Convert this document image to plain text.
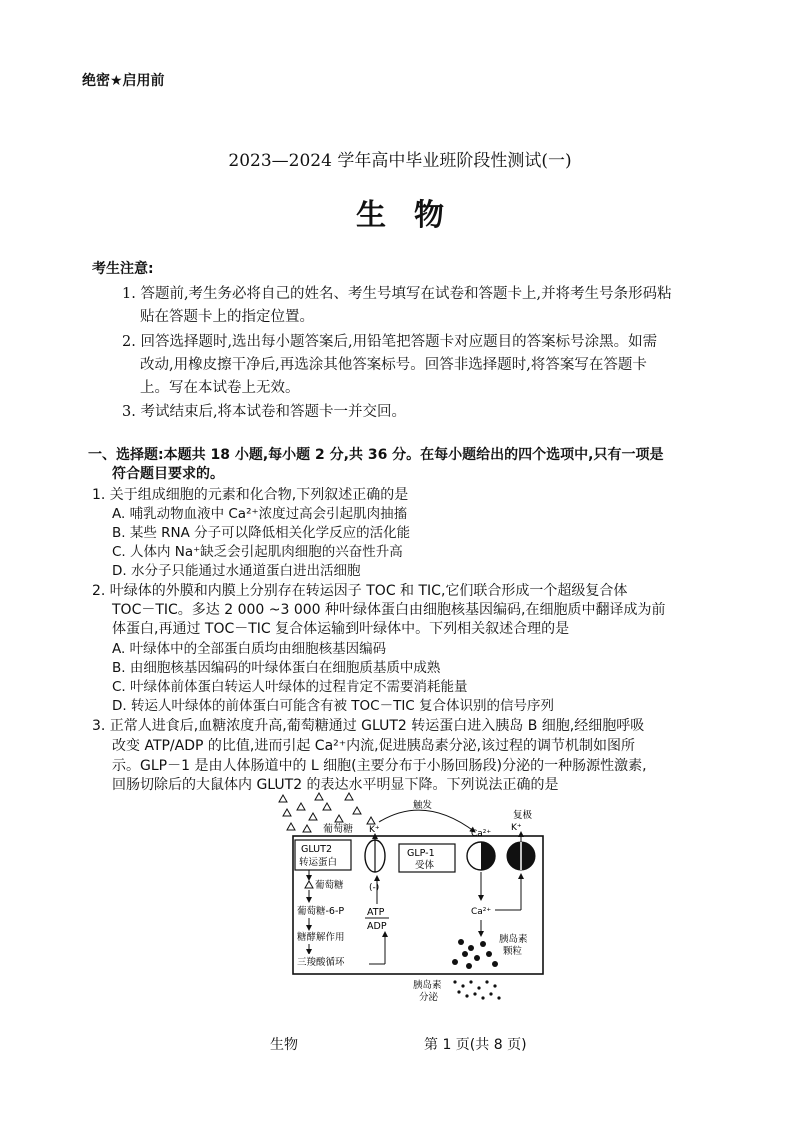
绝密★启用前
2023—2024 学年高中毕业班阶段性测试(一)
生物
考生注意:
1. 答题前,考生务必将自己的姓名、考生号填写在试卷和答题卡上,并将考生号条形码粘
贴在答题卡上的指定位置。
2. 回答选择题时,选出每小题答案后,用铅笔把答题卡对应题目的答案标号涂黑。如需
改动,用橡皮擦干净后,再选涂其他答案标号。回答非选择题时,将答案写在答题卡
上。写在本试卷上无效。
3. 考试结束后,将本试卷和答题卡一并交回。
一、选择题:本题共 18 小题,每小题 2 分,共 36 分。在每小题给出的四个选项中,只有一项是
符合题目要求的。
1. 关于组成细胞的元素和化合物,下列叙述正确的是
A. 哺乳动物血液中 Ca²⁺浓度过高会引起肌肉抽搐
B. 某些 RNA 分子可以降低相关化学反应的活化能
C. 人体内 Na⁺缺乏会引起肌肉细胞的兴奋性升高
D. 水分子只能通过水通道蛋白进出活细胞
2. 叶绿体的外膜和内膜上分别存在转运因子 TOC 和 TIC,它们联合形成一个超级复合体
TOC－TIC。多达 2 000 ~3 000 种叶绿体蛋白由细胞核基因编码,在细胞质中翻译成为前
体蛋白,再通过 TOC－TIC 复合体运输到叶绿体中。下列相关叙述合理的是
A. 叶绿体中的全部蛋白质均由细胞核基因编码
B. 由细胞核基因编码的叶绿体蛋白在细胞质基质中成熟
C. 叶绿体前体蛋白转运人叶绿体的过程肯定不需要消耗能量
D. 转运人叶绿体的前体蛋白可能含有被 TOC－TIC 复合体识别的信号序列
3. 正常人进食后,血糖浓度升高,葡萄糖通过 GLUT2 转运蛋白进入胰岛 B 细胞,经细胞呼吸
改变 ATP/ADP 的比值,进而引起 Ca²⁺内流,促进胰岛素分泌,该过程的调节机制如图所
示。GLP－1 是由人体肠道中的 L 细胞(主要分布于小肠回肠段)分泌的一种肠源性激素,
回肠切除后的大鼠体内 GLUT2 的表达水平明显下降。下列说法正确的是
葡萄糖
GLUT2
转运蛋白
葡萄糖
葡萄糖-6-P
糖酵解作用
三羧酸循环
K⁺
(-)
ATP
ADP
GLP-1
受体
触发
Ca²⁺
K⁺
复极
Ca²⁺
胰岛素
颗粒
胰岛素
分泌
生物	第 1 页(共 8 页)
